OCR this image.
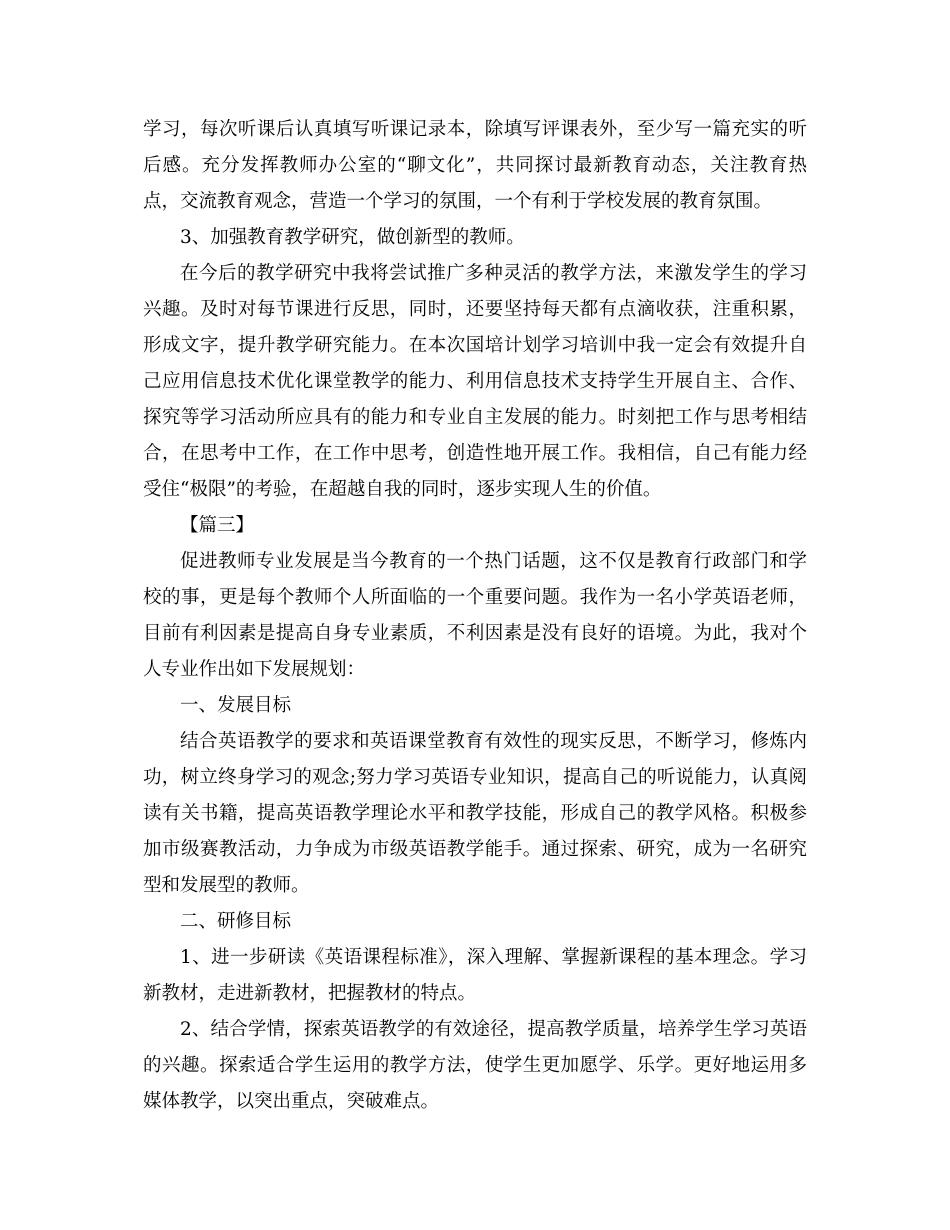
学习，每次听课后认真填写听课记录本，除填写评课表外，至少写一篇充实的听后感。充分发挥教师办公室的“聊文化”，共同探讨最新教育动态，关注教育热点，交流教育观念，营造一个学习的氛围，一个有利于学校发展的教育氛围。

3、加强教育教学研究，做创新型的教师。

在今后的教学研究中我将尝试推广多种灵活的教学方法，来激发学生的学习兴趣。及时对每节课进行反思，同时，还要坚持每天都有点滴收获，注重积累，形成文字，提升教学研究能力。在本次国培计划学习培训中我一定会有效提升自己应用信息技术优化课堂教学的能力、利用信息技术支持学生开展自主、合作、探究等学习活动所应具有的能力和专业自主发展的能力。时刻把工作与思考相结合，在思考中工作，在工作中思考，创造性地开展工作。我相信，自己有能力经受住“极限”的考验，在超越自我的同时，逐步实现人生的价值。

【篇三】

促进教师专业发展是当今教育的一个热门话题，这不仅是教育行政部门和学校的事，更是每个教师个人所面临的一个重要问题。我作为一名小学英语老师，目前有利因素是提高自身专业素质，不利因素是没有良好的语境。为此，我对个人专业作出如下发展规划：

一、发展目标

结合英语教学的要求和英语课堂教育有效性的现实反思，不断学习，修炼内功，树立终身学习的观念;努力学习英语专业知识，提高自己的听说能力，认真阅读有关书籍，提高英语教学理论水平和教学技能，形成自己的教学风格。积极参加市级赛教活动，力争成为市级英语教学能手。通过探索、研究，成为一名研究型和发展型的教师。

二、研修目标

1、进一步研读《英语课程标准》，深入理解、掌握新课程的基本理念。学习新教材，走进新教材，把握教材的特点。

2、结合学情，探索英语教学的有效途径，提高教学质量，培养学生学习英语的兴趣。探索适合学生运用的教学方法，使学生更加愿学、乐学。更好地运用多媒体教学，以突出重点，突破难点。
